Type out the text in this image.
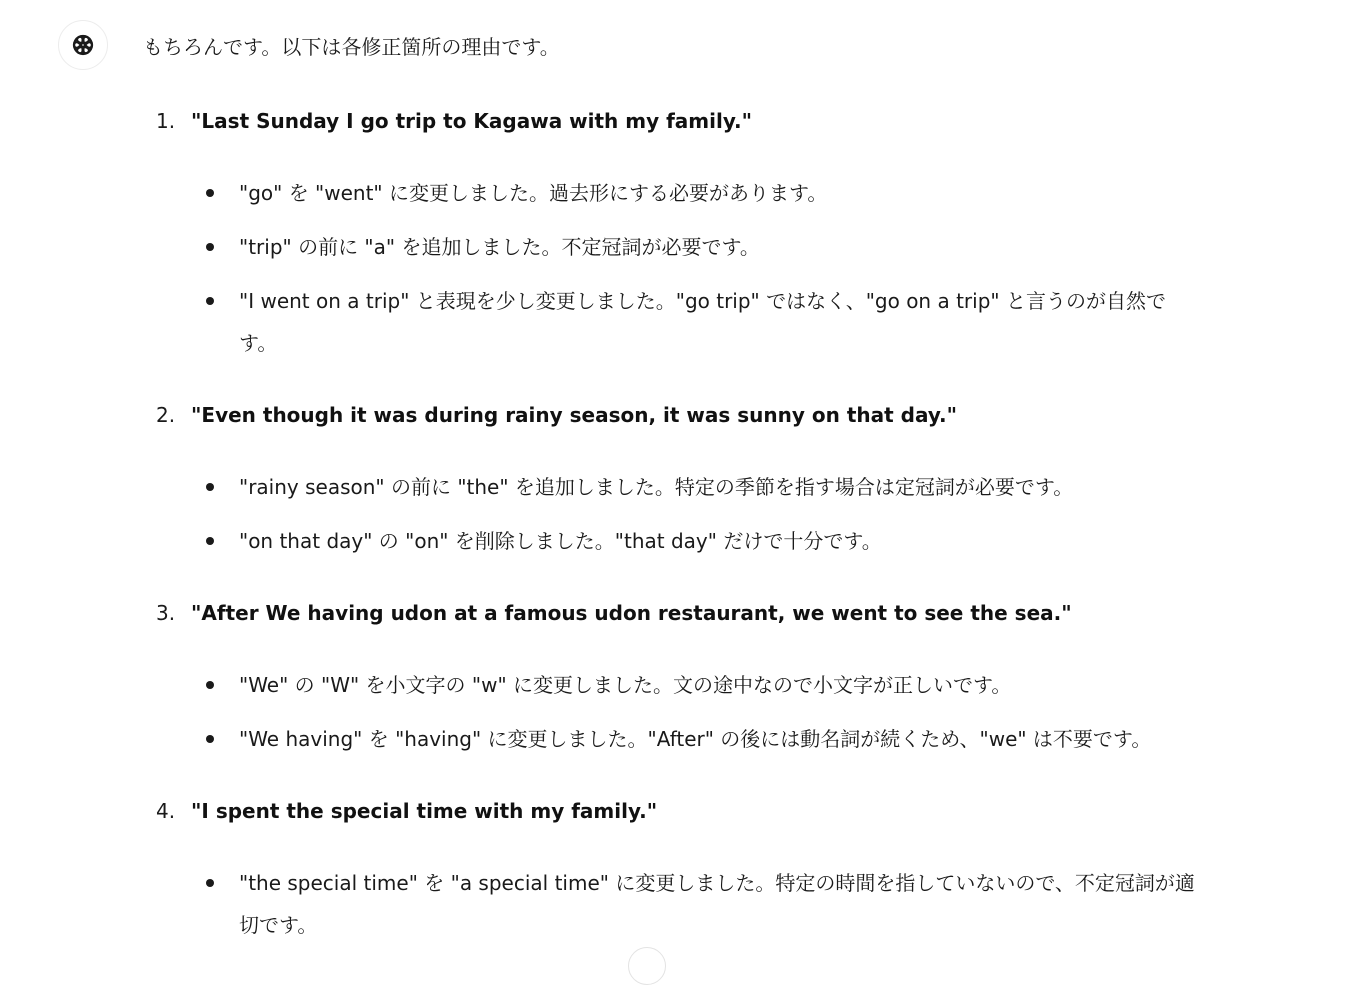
もちろんです。以下は各修正箇所の理由です。
1. "Last Sunday I go trip to Kagawa with my family."
"go" を "went" に変更しました。過去形にする必要があります。
"trip" の前に "a" を追加しました。不定冠詞が必要です。
"I went on a trip" と表現を少し変更しました。"go trip" ではなく、"go on a trip" と言うのが自然です。
2. "Even though it was during rainy season, it was sunny on that day."
"rainy season" の前に "the" を追加しました。特定の季節を指す場合は定冠詞が必要です。
"on that day" の "on" を削除しました。"that day" だけで十分です。
3. "After We having udon at a famous udon restaurant, we went to see the sea."
"We" の "W" を小文字の "w" に変更しました。文の途中なので小文字が正しいです。
"We having" を "having" に変更しました。"After" の後には動名詞が続くため、"we" は不要です。
4. "I spent the special time with my family."
"the special time" を "a special time" に変更しました。特定の時間を指していないので、不定冠詞が適切です。
